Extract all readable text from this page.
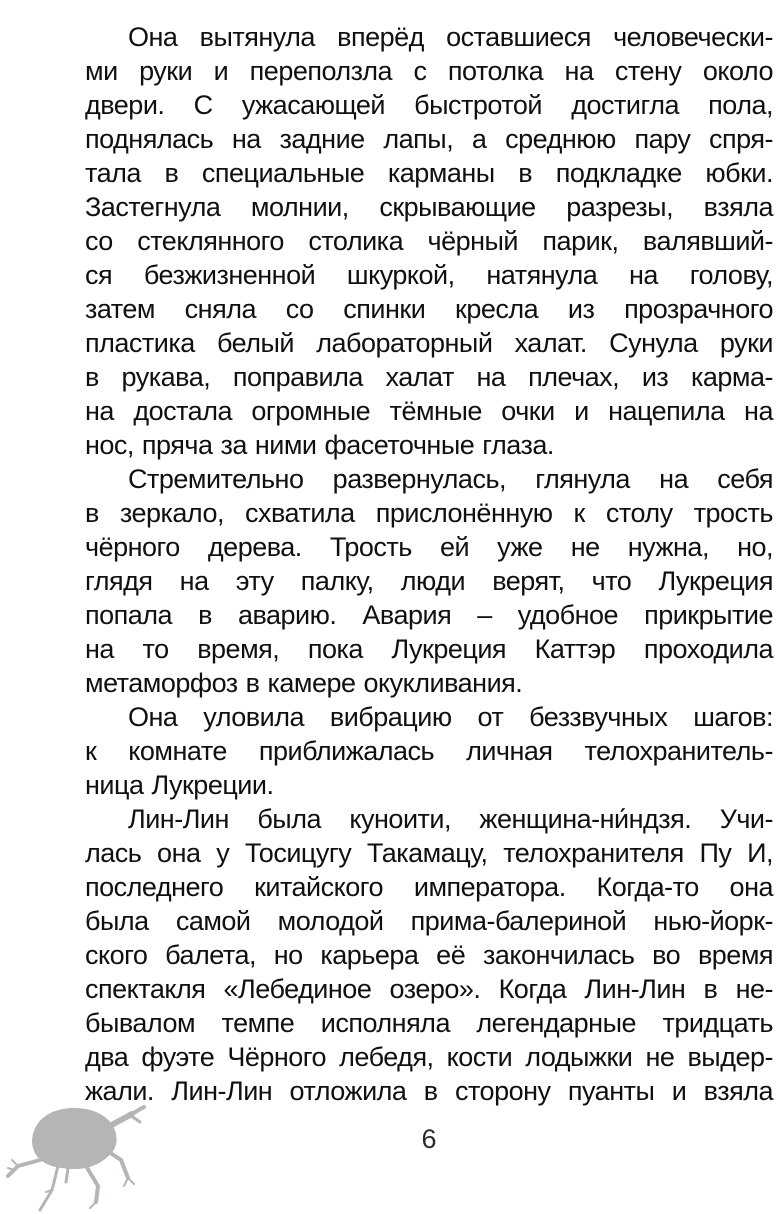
Она вытянула вперёд оставшиеся человечески-
ми руки и переползла с потолка на стену около
двери. С ужасающей быстротой достигла пола,
поднялась на задние лапы, а среднюю пару спря-
тала в специальные карманы в подкладке юбки.
Застегнула молнии, скрывающие разрезы, взяла
со стеклянного столика чёрный парик, валявший-
ся безжизненной шкуркой, натянула на голову,
затем сняла со спинки кресла из прозрачного
пластика белый лабораторный халат. Сунула руки
в рукава, поправила халат на плечах, из карма-
на достала огромные тёмные очки и нацепила на
нос, пряча за ними фасеточные глаза.
Стремительно развернулась, глянула на себя
в зеркало, схватила прислонённую к столу трость
чёрного дерева. Трость ей уже не нужна, но,
глядя на эту палку, люди верят, что Лукреция
попала в аварию. Авария – удобное прикрытие
на то время, пока Лукреция Каттэр проходила
метаморфоз в камере окукливания.
Она уловила вибрацию от беззвучных шагов:
к комнате приближалась личная телохранитель-
ница Лукреции.
Лин-Лин была куноити, женщина-ни́ндзя. Учи-
лась она у Тосицугу Такамацу, телохранителя Пу И,
последнего китайского императора. Когда-то она
была самой молодой прима-балериной нью-йорк-
ского балета, но карьера её закончилась во время
спектакля «Лебединое озеро». Когда Лин-Лин в не-
бывалом темпе исполняла легендарные тридцать
два фуэте Чёрного лебедя, кости лодыжки не выдер-
жали. Лин-Лин отложила в сторону пуанты и взяла
6
